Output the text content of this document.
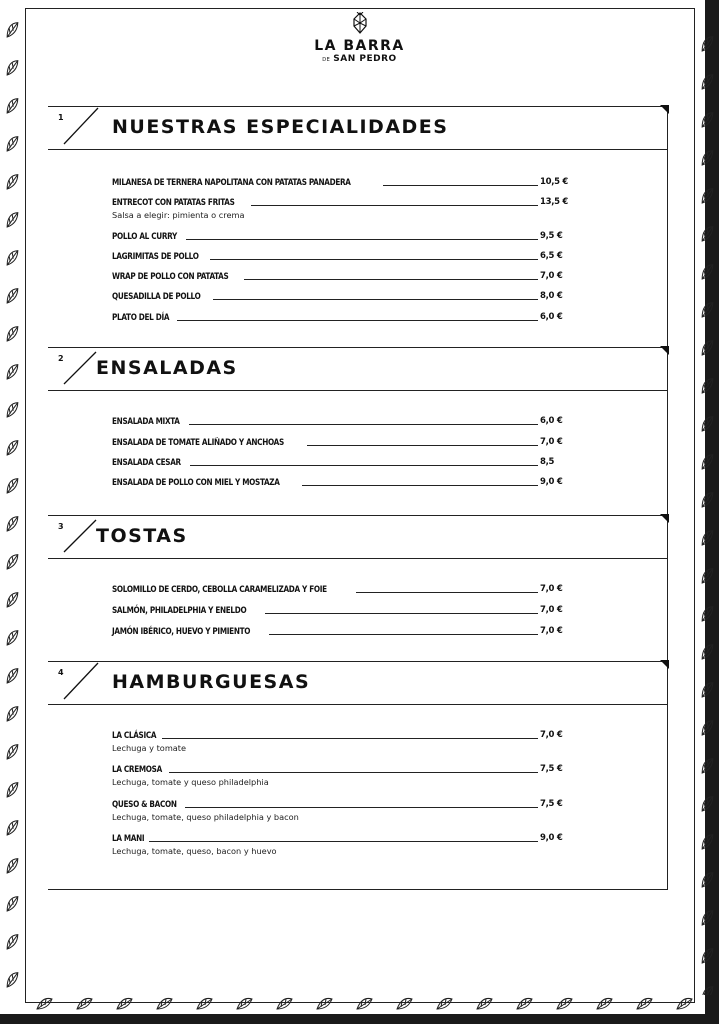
LA BARRA
DE SAN PEDRO
1	NUESTRAS ESPECIALIDADES
MILANESA DE TERNERA NAPOLITANA CON PATATAS PANADERA	10,5 €
ENTRECOT CON PATATAS FRITAS	13,5 €
Salsa a elegir: pimienta o crema
POLLO AL CURRY	9,5 €
LAGRIMITAS DE POLLO	6,5 €
WRAP DE POLLO CON PATATAS	7,0 €
QUESADILLA DE POLLO	8,0 €
PLATO DEL DÍA	6,0 €
2 ENSALADAS
ENSALADA MIXTA	6,0 €
ENSALADA DE TOMATE ALIÑADO Y ANCHOAS	7,0 €
ENSALADA CESAR	8,5
ENSALADA DE POLLO CON MIEL Y MOSTAZA	9,0 €
3 TOSTAS
SOLOMILLO DE CERDO, CEBOLLA CARAMELIZADA Y FOIE	7,0 €
SALMÓN, PHILADELPHIA Y ENELDO	7,0 €
JAMÓN IBÉRICO, HUEVO Y PIMIENTO	7,0 €
4	HAMBURGUESAS
LA CLÁSICA	7,0 €
Lechuga y tomate
LA CREMOSA	7,5 €
Lechuga, tomate y queso philadelphia
QUESO & BACON	7,5 €
Lechuga, tomate, queso philadelphia y bacon
LA MANI	9,0 €
Lechuga, tomate, queso, bacon y huevo
